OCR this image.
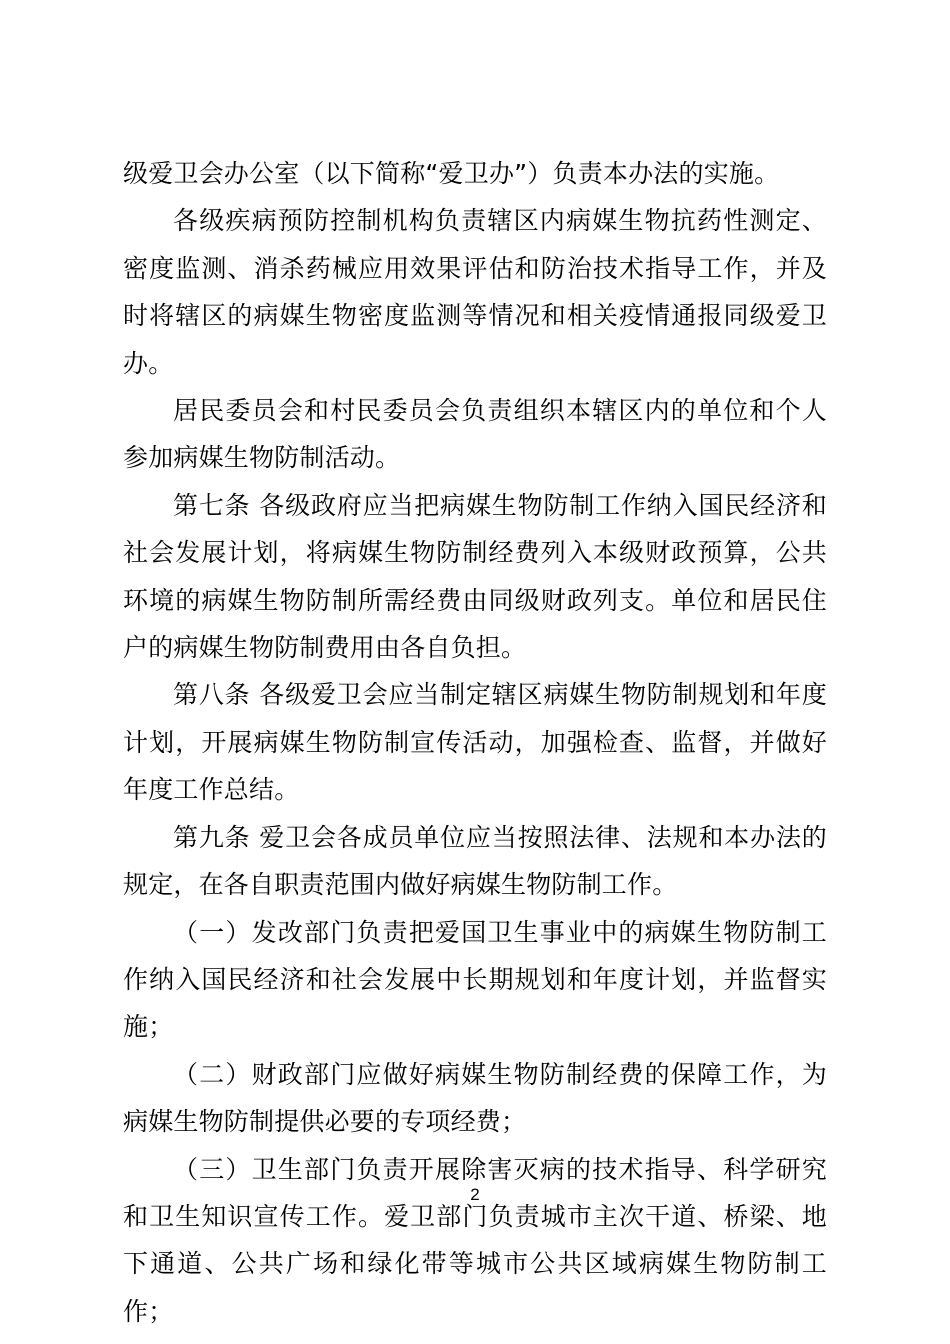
级爱卫会办公室（以下简称“爱卫办”）负责本办法的实施。

各级疾病预防控制机构负责辖区内病媒生物抗药性测定、密度监测、消杀药械应用效果评估和防治技术指导工作，并及时将辖区的病媒生物密度监测等情况和相关疫情通报同级爱卫办。

居民委员会和村民委员会负责组织本辖区内的单位和个人参加病媒生物防制活动。

第七条 各级政府应当把病媒生物防制工作纳入国民经济和社会发展计划，将病媒生物防制经费列入本级财政预算，公共环境的病媒生物防制所需经费由同级财政列支。单位和居民住户的病媒生物防制费用由各自负担。

第八条 各级爱卫会应当制定辖区病媒生物防制规划和年度计划，开展病媒生物防制宣传活动，加强检查、监督，并做好年度工作总结。

第九条 爱卫会各成员单位应当按照法律、法规和本办法的规定，在各自职责范围内做好病媒生物防制工作。

（一）发改部门负责把爱国卫生事业中的病媒生物防制工作纳入国民经济和社会发展中长期规划和年度计划，并监督实施；

（二）财政部门应做好病媒生物防制经费的保障工作，为病媒生物防制提供必要的专项经费；

（三）卫生部门负责开展除害灭病的技术指导、科学研究和卫生知识宣传工作。爱卫部门负责城市主次干道、桥梁、地下通道、公共广场和绿化带等城市公共区域病媒生物防制工作；

2
